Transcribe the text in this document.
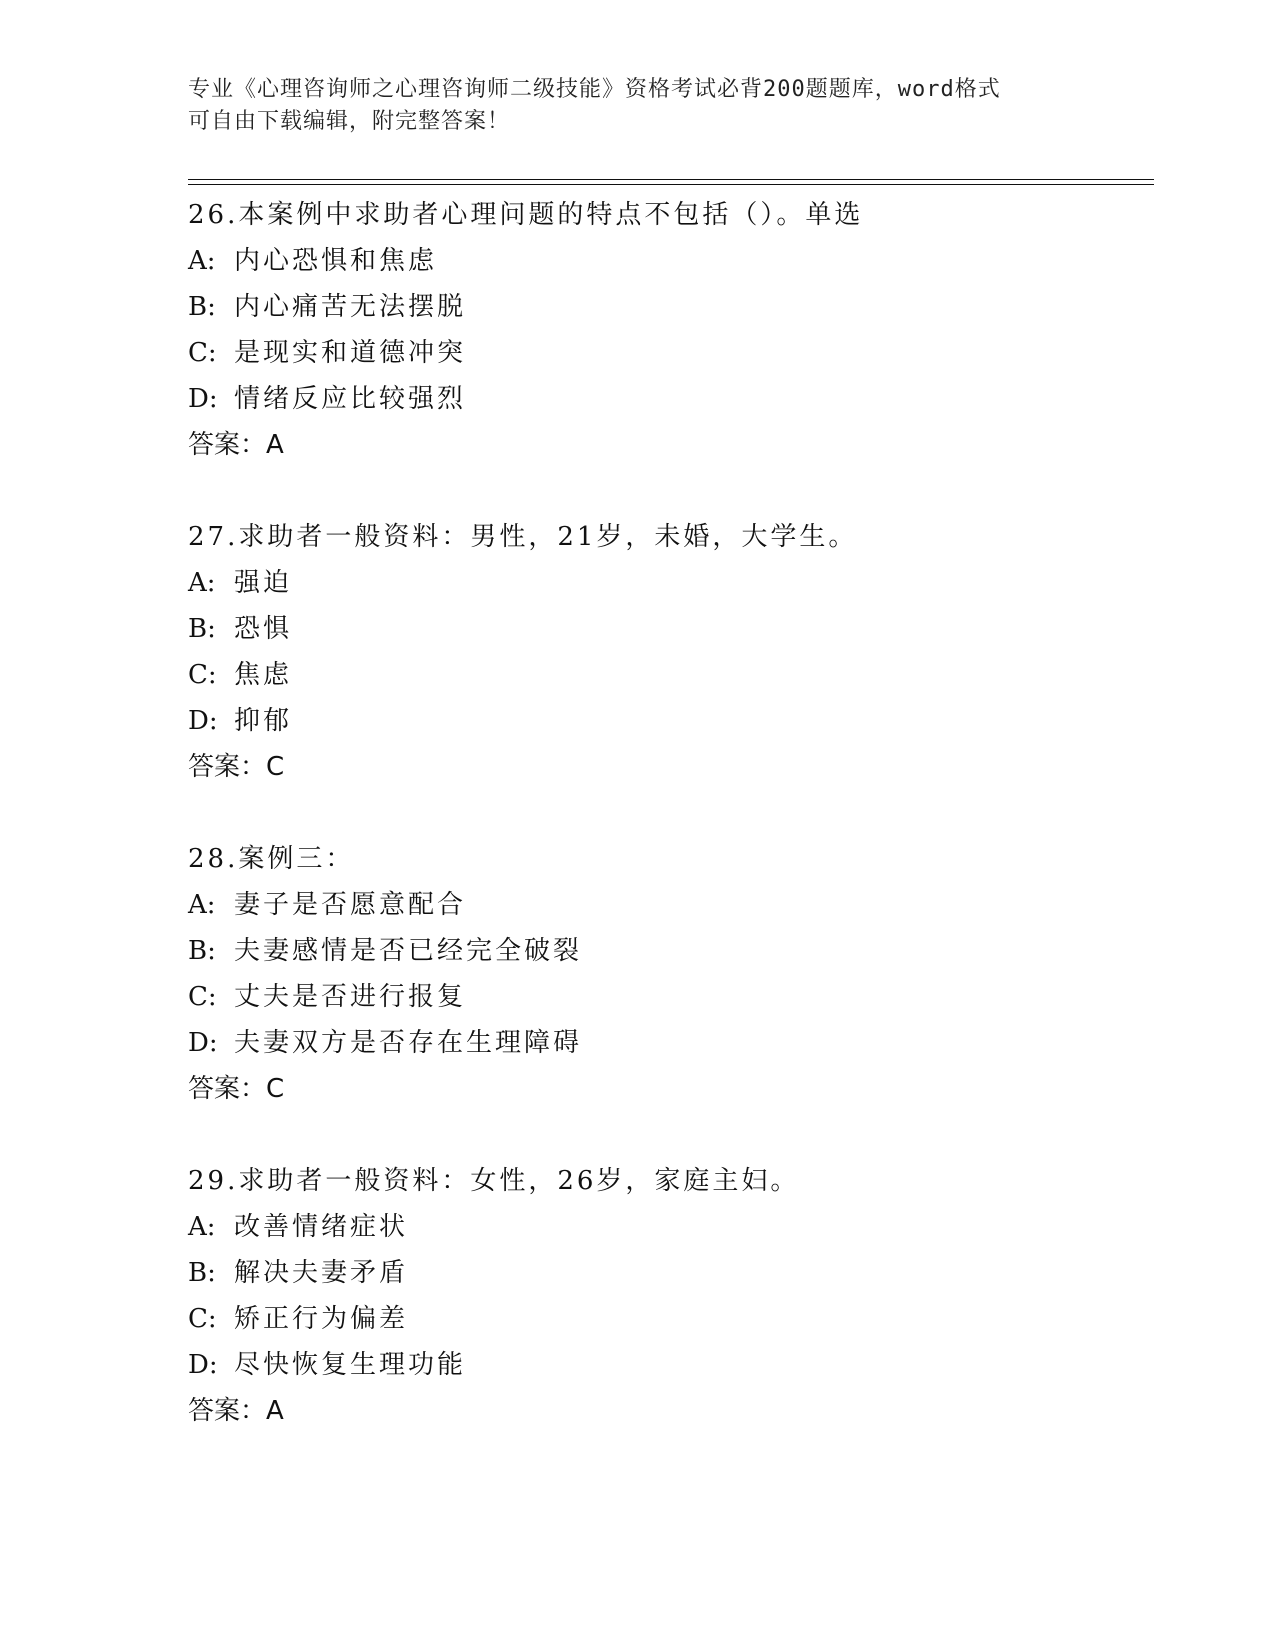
专业《心理咨询师之心理咨询师二级技能》资格考试必背200题题库，word格式
可自由下载编辑，附完整答案！
26.本案例中求助者心理问题的特点不包括（）。单选
A: 内心恐惧和焦虑
B: 内心痛苦无法摆脱
C: 是现实和道德冲突
D: 情绪反应比较强烈
答案：A
27.求助者一般资料：男性，21岁，未婚，大学生。
A: 强迫
B: 恐惧
C: 焦虑
D: 抑郁
答案：C
28.案例三：
A: 妻子是否愿意配合
B: 夫妻感情是否已经完全破裂
C: 丈夫是否进行报复
D: 夫妻双方是否存在生理障碍
答案：C
29.求助者一般资料：女性，26岁，家庭主妇。
A: 改善情绪症状
B: 解决夫妻矛盾
C: 矫正行为偏差
D: 尽快恢复生理功能
答案：A
